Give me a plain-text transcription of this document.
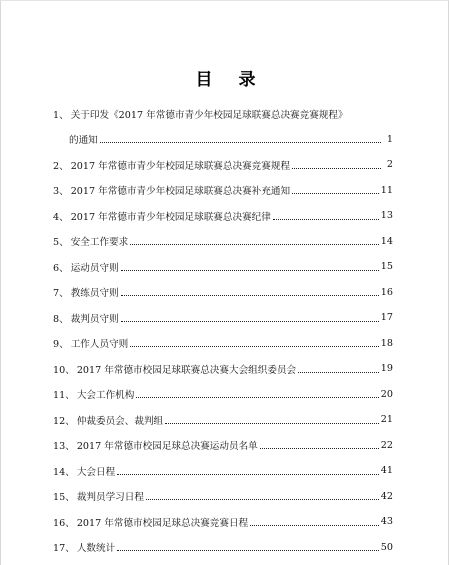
目 录
1、 关于印发《2017 年常德市青少年校园足球联赛总决赛竞赛规程》
的通知	1
2、 2017 年常德市青少年校园足球联赛总决赛竞赛规程	2
3、 2017 年常德市青少年校园足球联赛总决赛补充通知	11
4、 2017 年常德市青少年校园足球联赛总决赛纪律	13
5、 安全工作要求	14
6、 运动员守则	15
7、 教练员守则	16
8、 裁判员守则	17
9、 工作人员守则	18
10、 2017 年常德市校园足球联赛总决赛大会组织委员会	19
11、 大会工作机构	20
12、 仲裁委员会、裁判组	21
13、 2017 年常德市校园足球总决赛运动员名单	22
14、 大会日程	41
15、 裁判员学习日程	42
16、 2017 年常德市校园足球总决赛竞赛日程	43
17、 人数统计	50
